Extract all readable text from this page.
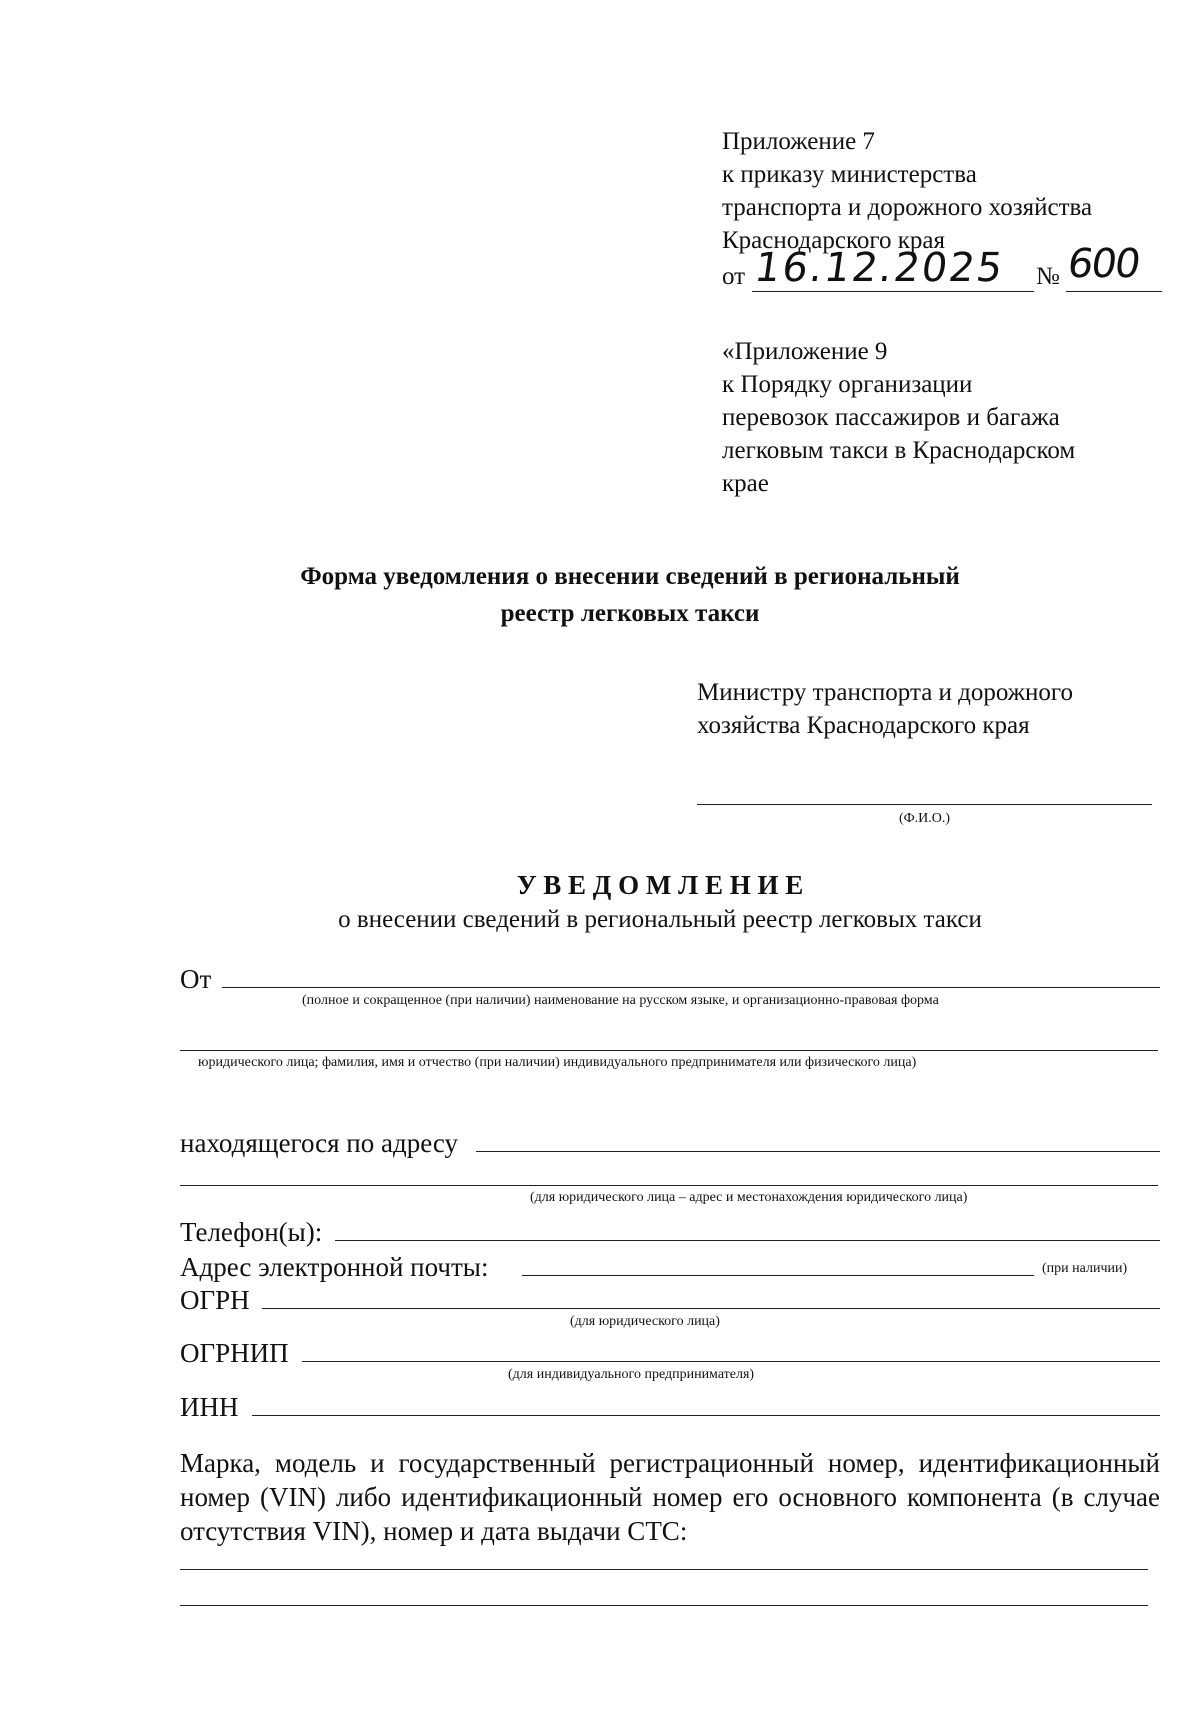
Приложение 7
к приказу министерства
транспорта и дорожного хозяйства
Краснодарского края
от 16.12.2025 № 600
«Приложение 9
к Порядку организации
перевозок пассажиров и багажа
легковым такси в Краснодарском
крае
Форма уведомления о внесении сведений в региональный
реестр легковых такси
Министру транспорта и дорожного
хозяйства Краснодарского края
(Ф.И.О.)
У В Е Д О М Л Е Н И Е
о внесении сведений в региональный реестр легковых такси
От
(полное и сокращенное (при наличии) наименование на русском языке, и организационно-правовая форма
юридического лица; фамилия, имя и отчество (при наличии) индивидуального предпринимателя или физического лица)
находящегося по адресу
(для юридического лица – адрес и местонахождения юридического лица)
Телефон(ы):
Адрес электронной почты:	(при наличии)
ОГРН
(для юридического лица)
ОГРНИП
(для индивидуального предпринимателя)
ИНН
Марка, модель и государственный регистрационный номер, идентификационный номер (VIN) либо идентификационный номер его основного компонента (в случае отсутствия VIN), номер и дата выдачи СТС:
